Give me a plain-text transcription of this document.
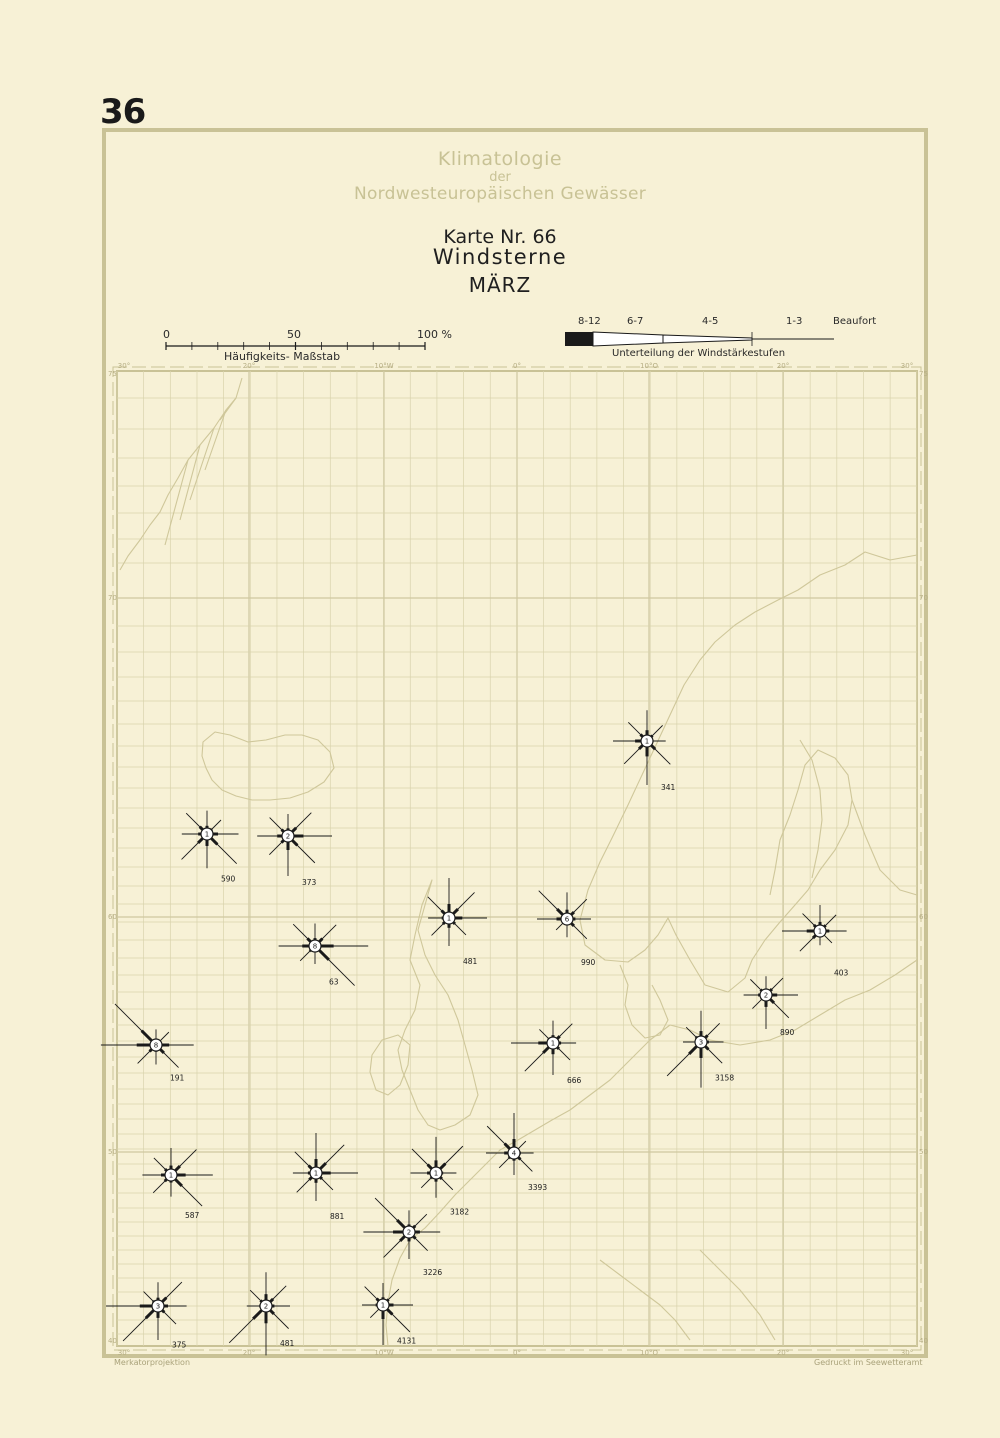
36
Klimatologie
der
Nordwesteuropäischen Gewässer
Karte Nr. 66
Windsterne
MÄRZ
0	50	100 %
Häufigkeits- Maßstab
8-12	6-7	4-5	1-3	Beaufort
Unterteilung der Windstärkestufen
30°
30°
20°
20°
10°W
10°W
0°
0°
10°O
10°O
20°
20°
30°
30°
75	75
70	70
60	60
50	50
40	40
1
341
1
590
2
373
8
63
1
481
6
990
1
403
8
191
1
666
3
3158
2
890
1
587
1
881
1
3182
4
3393
2
3226
3
375
2
481
1
4131
Merkatorprojektion	Gedruckt im Seewetteramt
